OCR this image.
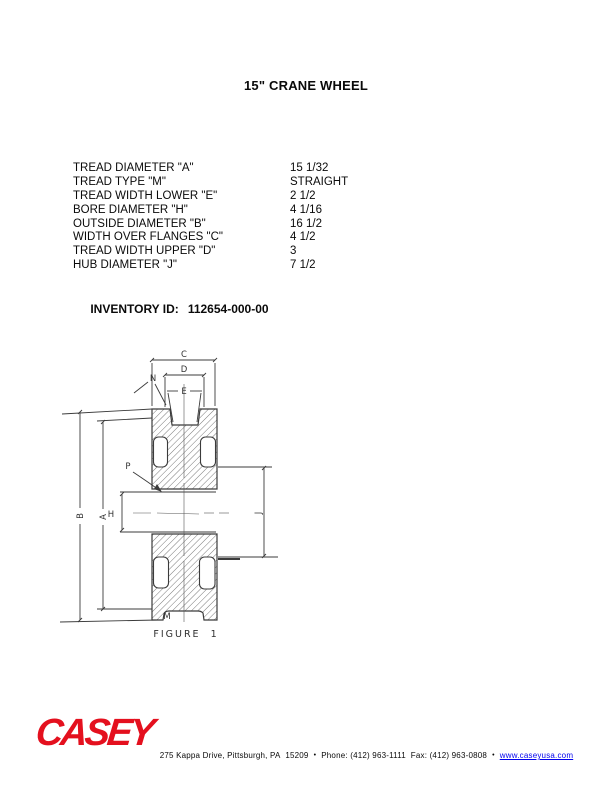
15" CRANE WHEEL
TREAD DIAMETER "A"	15 1/32
TREAD TYPE "M"	STRAIGHT
TREAD WIDTH LOWER "E"	2 1/2
BORE DIAMETER "H"	4 1/16
OUTSIDE DIAMETER "B"	16 1/2
WIDTH OVER FLANGES "C"	4 1/2
TREAD WIDTH UPPER "D"	3
HUB DIAMETER "J"	7 1/2

INVENTORY ID: 112654-000-00

C
D
E
N
B A
H
P
J
M
FIGURE  1
CASEY

275 Kappa Drive, Pittsburgh, PA  15209 • Phone: (412) 963-1111  Fax: (412) 963-0808 • www.caseyusa.com
